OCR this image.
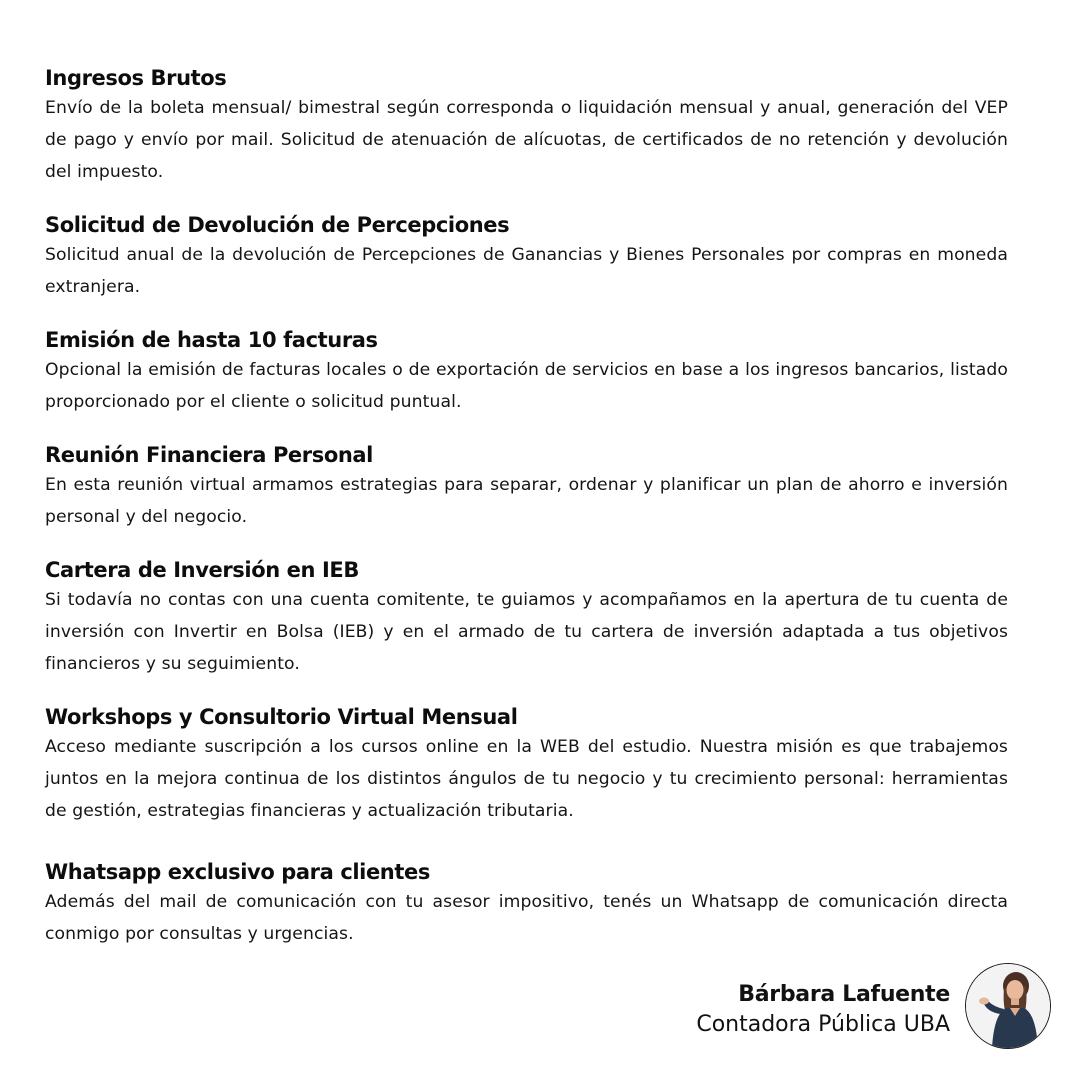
Ingresos Brutos

Envío de la boleta mensual/ bimestral según corresponda o liquidación mensual y anual, generación del VEP de pago y envío por mail. Solicitud de atenuación de alícuotas, de certificados de no retención y devolución del impuesto.

Solicitud de Devolución de Percepciones

Solicitud anual de la devolución de Percepciones de Ganancias y Bienes Personales por compras en moneda extranjera.

Emisión de hasta 10 facturas

Opcional la emisión de facturas locales o de exportación de servicios en base a los ingresos bancarios, listado proporcionado por el cliente o solicitud puntual.

Reunión Financiera Personal

En esta reunión virtual armamos estrategias para separar, ordenar y planificar un plan de ahorro e inversión personal y del negocio.

Cartera de Inversión en IEB

Si todavía no contas con una cuenta comitente, te guiamos y acompañamos en la apertura de tu cuenta de inversión con Invertir en Bolsa (IEB) y en el armado de tu cartera de inversión adaptada a tus objetivos financieros y su seguimiento.

Workshops y Consultorio Virtual Mensual

Acceso mediante suscripción a los cursos online en la WEB del estudio. Nuestra misión es que trabajemos juntos en la mejora continua de los distintos ángulos de tu negocio y tu crecimiento personal: herramientas de gestión, estrategias financieras y actualización tributaria.

Whatsapp exclusivo para clientes

Además del mail de comunicación con tu asesor impositivo, tenés un Whatsapp de comunicación directa conmigo por consultas y urgencias.

Bárbara Lafuente
Contadora Pública UBA
